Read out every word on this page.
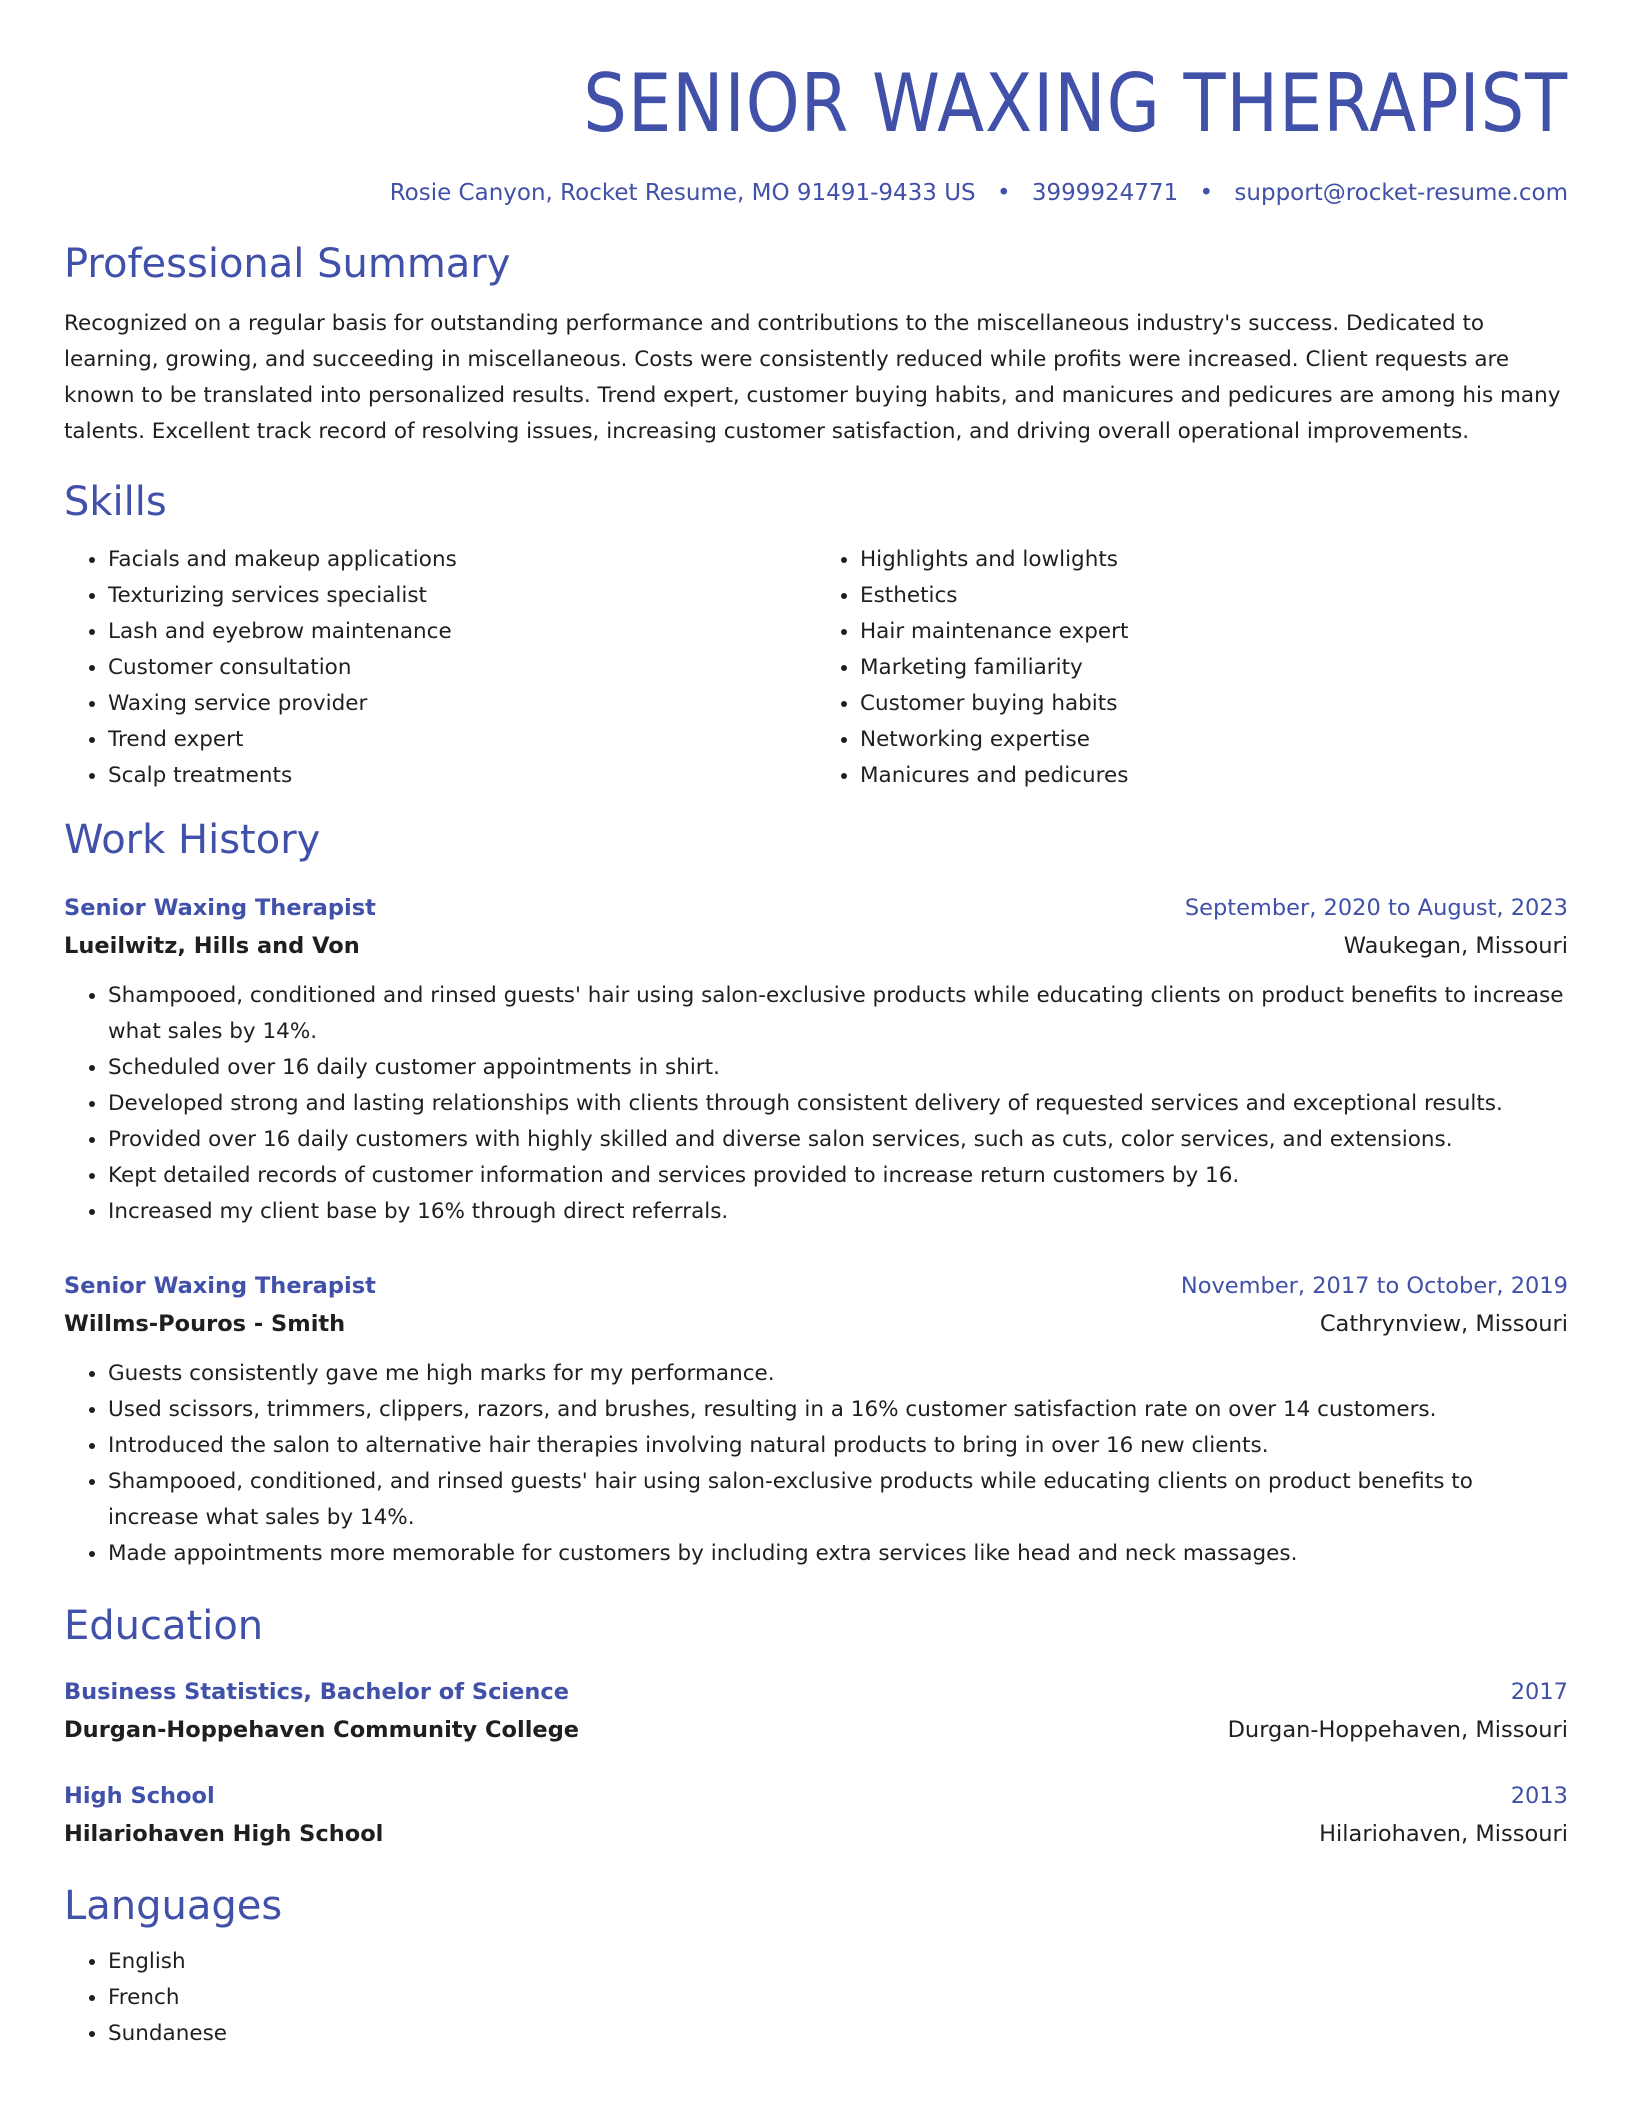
SENIOR WAXING THERAPIST
Rosie Canyon, Rocket Resume, MO 91491-9433 US • 3999924771 • support@rocket-resume.com
Professional Summary

Recognized on a regular basis for outstanding performance and contributions to the miscellaneous industry's success. Dedicated to learning, growing, and succeeding in miscellaneous. Costs were consistently reduced while profits were increased. Client requests are known to be translated into personalized results. Trend expert, customer buying habits, and manicures and pedicures are among his many talents. Excellent track record of resolving issues, increasing customer satisfaction, and driving overall operational improvements.

Skills
• Facials and makeup applications
• Texturizing services specialist
• Lash and eyebrow maintenance
• Customer consultation
• Waxing service provider
• Trend expert
• Scalp treatments
• Highlights and lowlights
• Esthetics
• Hair maintenance expert
• Marketing familiarity
• Customer buying habits
• Networking expertise
• Manicures and pedicures
Work History
Senior Waxing Therapist	September, 2020 to August, 2023
Lueilwitz, Hills and Von	Waukegan, Missouri
• Shampooed, conditioned and rinsed guests' hair using salon-exclusive products while educating clients on product benefits to increase what sales by 14%.
• Scheduled over 16 daily customer appointments in shirt.
• Developed strong and lasting relationships with clients through consistent delivery of requested services and exceptional results.
• Provided over 16 daily customers with highly skilled and diverse salon services, such as cuts, color services, and extensions.
• Kept detailed records of customer information and services provided to increase return customers by 16.
• Increased my client base by 16% through direct referrals.
Senior Waxing Therapist	November, 2017 to October, 2019
Willms-Pouros - Smith	Cathrynview, Missouri
• Guests consistently gave me high marks for my performance.
• Used scissors, trimmers, clippers, razors, and brushes, resulting in a 16% customer satisfaction rate on over 14 customers.
• Introduced the salon to alternative hair therapies involving natural products to bring in over 16 new clients.
• Shampooed, conditioned, and rinsed guests' hair using salon-exclusive products while educating clients on product benefits to increase what sales by 14%.
• Made appointments more memorable for customers by including extra services like head and neck massages.
Education
Business Statistics, Bachelor of Science	2017
Durgan-Hoppehaven Community College	Durgan-Hoppehaven, Missouri
High School	2013
Hilariohaven High School	Hilariohaven, Missouri
Languages
• English
• French
• Sundanese
